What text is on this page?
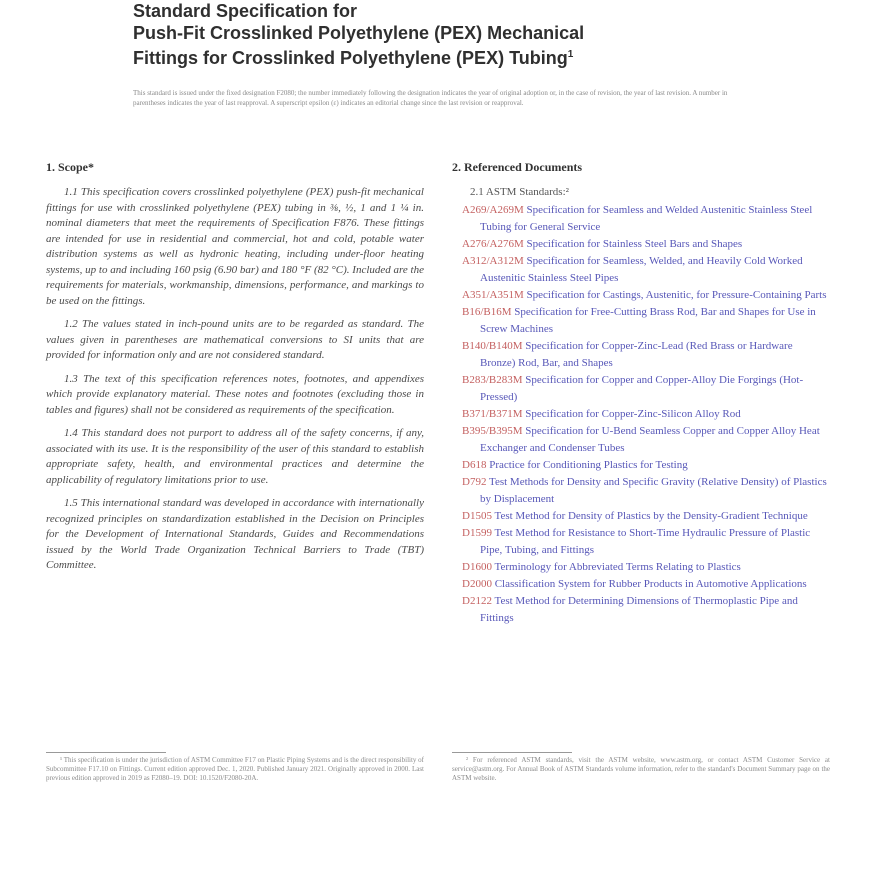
Standard Specification for
Push-Fit Crosslinked Polyethylene (PEX) Mechanical
Fittings for Crosslinked Polyethylene (PEX) Tubing$^1$
This standard is issued under the fixed designation F2080; the number immediately following the designation indicates the year of original adoption or, in the case of revision, the year of last revision. A number in parentheses indicates the year of last reapproval. A superscript epsilon (ε) indicates an editorial change since the last revision or reapproval.
1. Scope*

1.1 This specification covers crosslinked polyethylene (PEX) push-fit mechanical fittings for use with crosslinked polyethylene (PEX) tubing in ⅜, ½, 1 and 1 ¼ in. nominal diameters that meet the requirements of Specification F876. These fittings are intended for use in residential and commercial, hot and cold, potable water distribution systems as well as hydronic heating, including under-floor heating systems, up to and including 160 psig (6.90 bar) and 180 °F (82 °C). Included are the requirements for materials, workmanship, dimensions, performance, and markings to be used on the fittings.

1.2 The values stated in inch-pound units are to be regarded as standard. The values given in parentheses are mathematical conversions to SI units that are provided for information only and are not considered standard.

1.3 The text of this specification references notes, footnotes, and appendixes which provide explanatory material. These notes and footnotes (excluding those in tables and figures) shall not be considered as requirements of the specification.

1.4 This standard does not purport to address all of the safety concerns, if any, associated with its use. It is the responsibility of the user of this standard to establish appropriate safety, health, and environmental practices and determine the applicability of regulatory limitations prior to use.

1.5 This international standard was developed in accordance with internationally recognized principles on standardization established in the Decision on Principles for the Development of International Standards, Guides and Recommendations issued by the World Trade Organization Technical Barriers to Trade (TBT) Committee.

2. Referenced Documents
2.1 ASTM Standards:²
A269/A269M Specification for Seamless and Welded Austenitic Stainless Steel Tubing for General Service
A276/A276M Specification for Stainless Steel Bars and Shapes
A312/A312M Specification for Seamless, Welded, and Heavily Cold Worked Austenitic Stainless Steel Pipes
A351/A351M Specification for Castings, Austenitic, for Pressure-Containing Parts
B16/B16M Specification for Free-Cutting Brass Rod, Bar and Shapes for Use in Screw Machines
B140/B140M Specification for Copper-Zinc-Lead (Red Brass or Hardware Bronze) Rod, Bar, and Shapes
B283/B283M Specification for Copper and Copper-Alloy Die Forgings (Hot-Pressed)
B371/B371M Specification for Copper-Zinc-Silicon Alloy Rod
B395/B395M Specification for U-Bend Seamless Copper and Copper Alloy Heat Exchanger and Condenser Tubes
D618 Practice for Conditioning Plastics for Testing
D792 Test Methods for Density and Specific Gravity (Relative Density) of Plastics by Displacement
D1505 Test Method for Density of Plastics by the Density-Gradient Technique
D1599 Test Method for Resistance to Short-Time Hydraulic Pressure of Plastic Pipe, Tubing, and Fittings
D1600 Terminology for Abbreviated Terms Relating to Plastics
D2000 Classification System for Rubber Products in Automotive Applications
D2122 Test Method for Determining Dimensions of Thermoplastic Pipe and Fittings
¹ This specification is under the jurisdiction of ASTM Committee F17 on Plastic Piping Systems and is the direct responsibility of Subcommittee F17.10 on Fittings. Current edition approved Dec. 1, 2020. Published January 2021. Originally approved in 2000. Last previous edition approved in 2019 as F2080–19. DOI: 10.1520/F2080-20A.
² For referenced ASTM standards, visit the ASTM website, www.astm.org, or contact ASTM Customer Service at service@astm.org. For Annual Book of ASTM Standards volume information, refer to the standard's Document Summary page on the ASTM website.
